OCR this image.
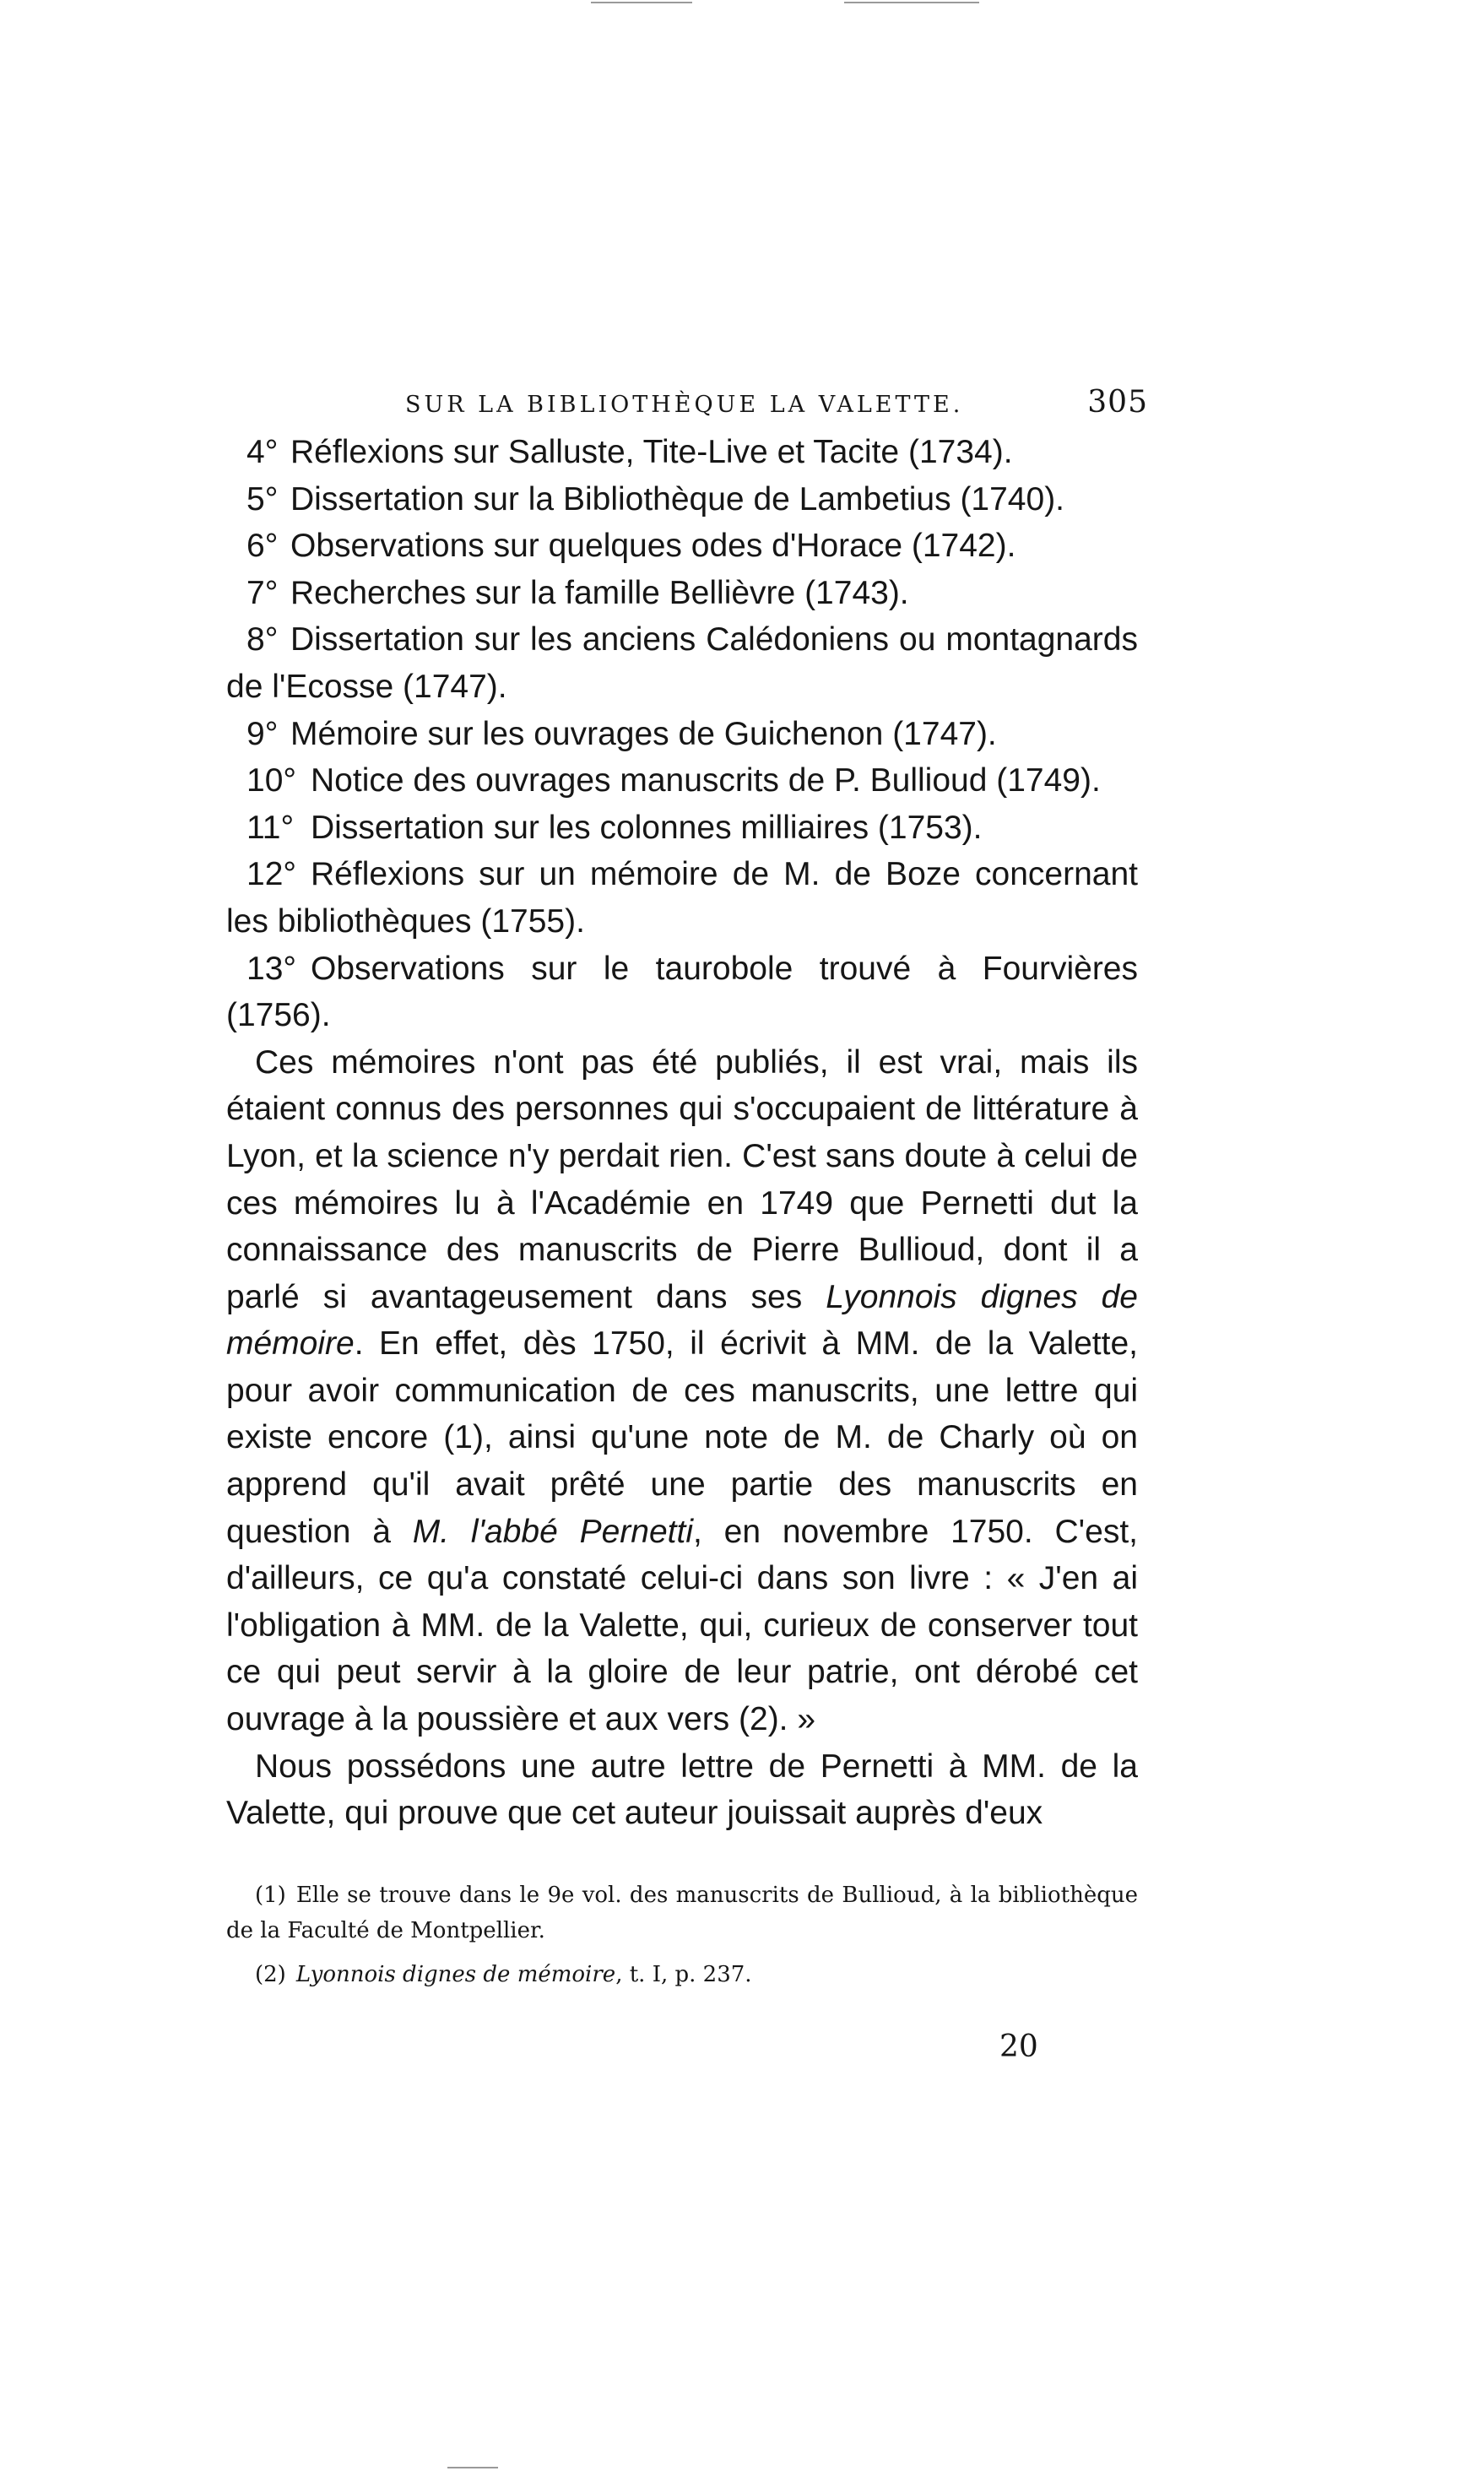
SUR LA BIBLIOTHÈQUE LA VALETTE.	305

4° Réflexions sur Salluste, Tite-Live et Tacite (1734).

5° Dissertation sur la Bibliothèque de Lambetius (1740).

6° Observations sur quelques odes d'Horace (1742).

7° Recherches sur la famille Bellièvre (1743).

8° Dissertation sur les anciens Calédoniens ou montagnards de l'Ecosse (1747).

9° Mémoire sur les ouvrages de Guichenon (1747).

10° Notice des ouvrages manuscrits de P. Bullioud (1749).

11° Dissertation sur les colonnes milliaires (1753).

12° Réflexions sur un mémoire de M. de Boze concernant les bibliothèques (1755).

13° Observations sur le taurobole trouvé à Fourvières (1756).

Ces mémoires n'ont pas été publiés, il est vrai, mais ils étaient connus des personnes qui s'occupaient de littérature à Lyon, et la science n'y perdait rien. C'est sans doute à celui de ces mémoires lu à l'Académie en 1749 que Pernetti dut la connaissance des manuscrits de Pierre Bullioud, dont il a parlé si avantageusement dans ses Lyonnois dignes de mémoire. En effet, dès 1750, il écrivit à MM. de la Valette, pour avoir communication de ces manuscrits, une lettre qui existe encore (1), ainsi qu'une note de M. de Charly où on apprend qu'il avait prêté une partie des manuscrits en question à M. l'abbé Pernetti, en novembre 1750. C'est, d'ailleurs, ce qu'a constaté celui-ci dans son livre : « J'en ai l'obligation à MM. de la Valette, qui, curieux de conserver tout ce qui peut servir à la gloire de leur patrie, ont dérobé cet ouvrage à la poussière et aux vers (2). »

Nous possédons une autre lettre de Pernetti à MM. de la Valette, qui prouve que cet auteur jouissait auprès d'eux

(1) Elle se trouve dans le 9e vol. des manuscrits de Bullioud, à la bibliothèque de la Faculté de Montpellier.

(2) Lyonnois dignes de mémoire, t. I, p. 237.

20
